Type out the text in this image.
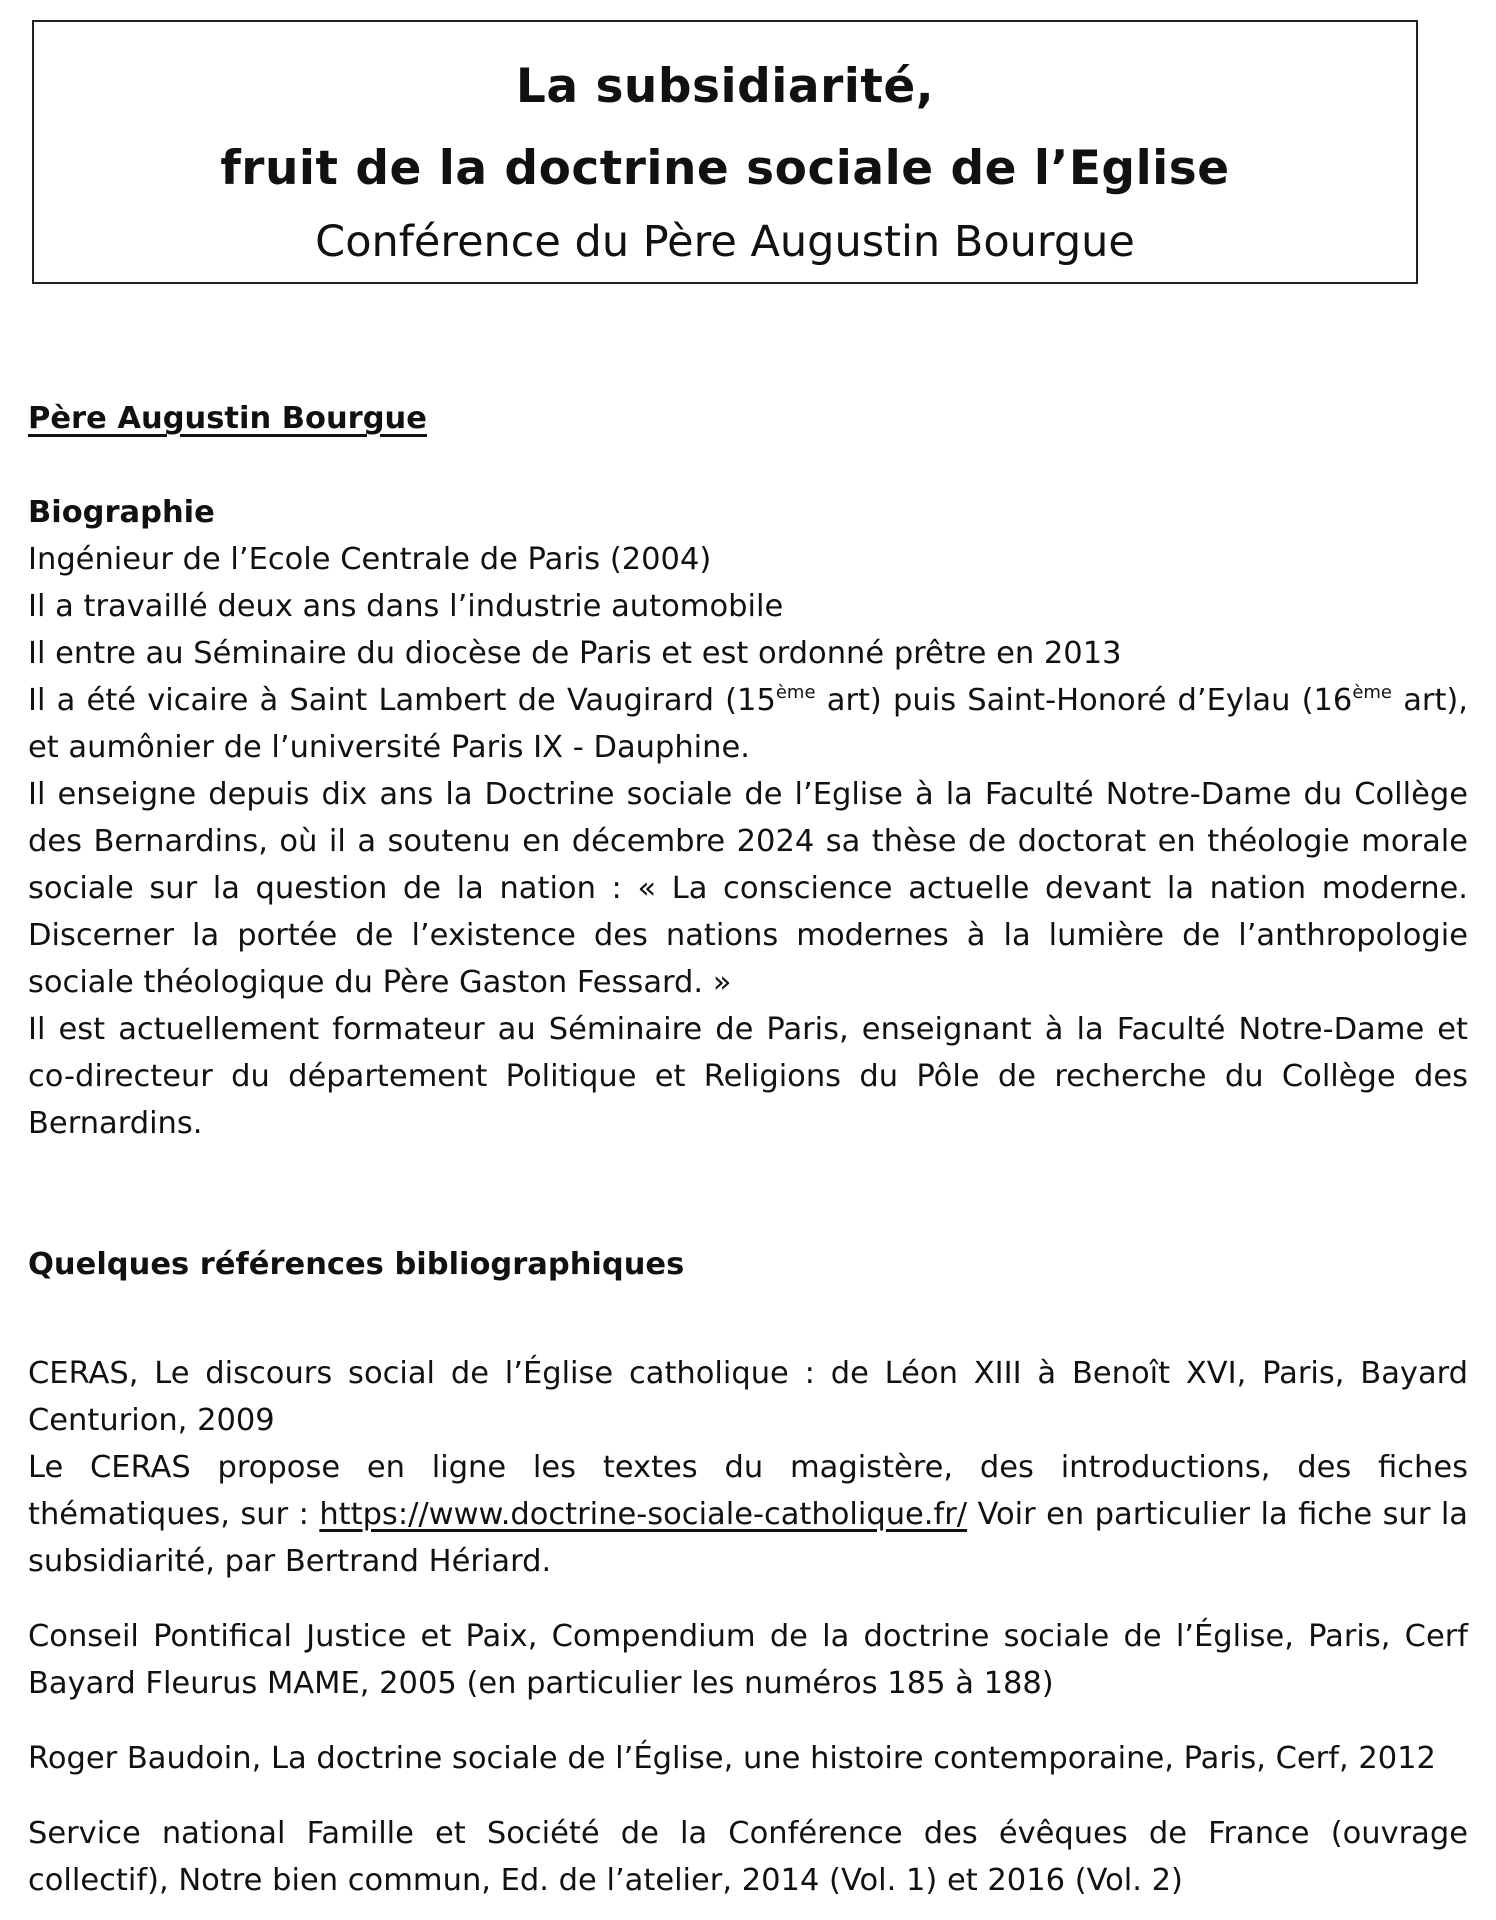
La subsidiarité,
fruit de la doctrine sociale de l’Eglise
Conférence du Père Augustin Bourgue

Père Augustin Bourgue

Biographie

Ingénieur de l’Ecole Centrale de Paris (2004)

Il a travaillé deux ans dans l’industrie automobile

Il entre au Séminaire du diocèse de Paris et est ordonné prêtre en 2013

Il a été vicaire à Saint Lambert de Vaugirard (15ème art) puis Saint-Honoré d’Eylau (16ème art), et aumônier de l’université Paris IX - Dauphine.

Il enseigne depuis dix ans la Doctrine sociale de l’Eglise à la Faculté Notre-Dame du Collège des Bernardins, où il a soutenu en décembre 2024 sa thèse de doctorat en théologie morale sociale sur la question de la nation : « La conscience actuelle devant la nation moderne. Discerner la portée de l’existence des nations modernes à la lumière de l’anthropologie sociale théologique du Père Gaston Fessard. »

Il est actuellement formateur au Séminaire de Paris, enseignant à la Faculté Notre-Dame et co-directeur du département Politique et Religions du Pôle de recherche du Collège des Bernardins.

Quelques références bibliographiques

CERAS, Le discours social de l’Église catholique : de Léon XIII à Benoît XVI, Paris, Bayard Centurion, 2009

Le CERAS propose en ligne les textes du magistère, des introductions, des fiches thématiques, sur : https://www.doctrine-sociale-catholique.fr/ Voir en particulier la fiche sur la subsidiarité, par Bertrand Hériard.

Conseil Pontifical Justice et Paix, Compendium de la doctrine sociale de l’Église, Paris, Cerf Bayard Fleurus MAME, 2005 (en particulier les numéros 185 à 188)

Roger Baudoin, La doctrine sociale de l’Église, une histoire contemporaine, Paris, Cerf, 2012

Service national Famille et Société de la Conférence des évêques de France (ouvrage collectif), Notre bien commun, Ed. de l’atelier, 2014 (Vol. 1) et 2016 (Vol. 2)
